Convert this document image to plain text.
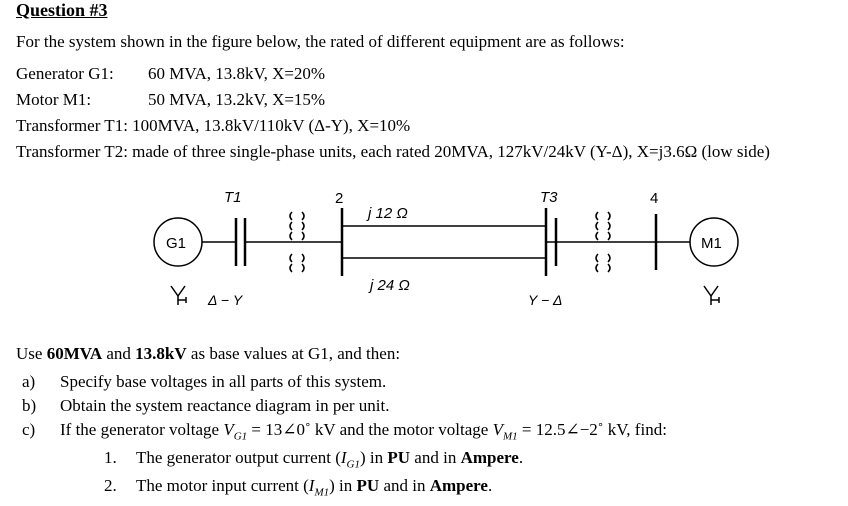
Question #3
For the system shown in the figure below, the rated of different equipment are as follows:
Generator G1: 60 MVA, 13.8kV, X=20%
Motor M1:	50 MVA, 13.2kV, X=15%
Transformer T1: 100MVA, 13.8kV/110kV (Δ-Y), X=10%
Transformer T2: made of three single-phase units, each rated 20MVA, 127kV/24kV (Y-Δ), X=j3.6Ω (low side)
T1	2	T3	4
j 12 Ω
j 24 Ω
G1	M1
Δ − Y	Y − Δ
Use 60MVA and 13.8kV as base values at G1, and then:
a) Specify base voltages in all parts of this system.
b) Obtain the system reactance diagram in per unit.
c) If the generator voltage $V_{G1}$ = 13∠0˚ kV and the motor voltage $V_{M1}$ = 12.5∠−2˚ kV, find:
1. The generator output current $(I_{G1})$ in PU and in Ampere.
2. The motor input current $(I_{M1})$ in PU and in Ampere.
